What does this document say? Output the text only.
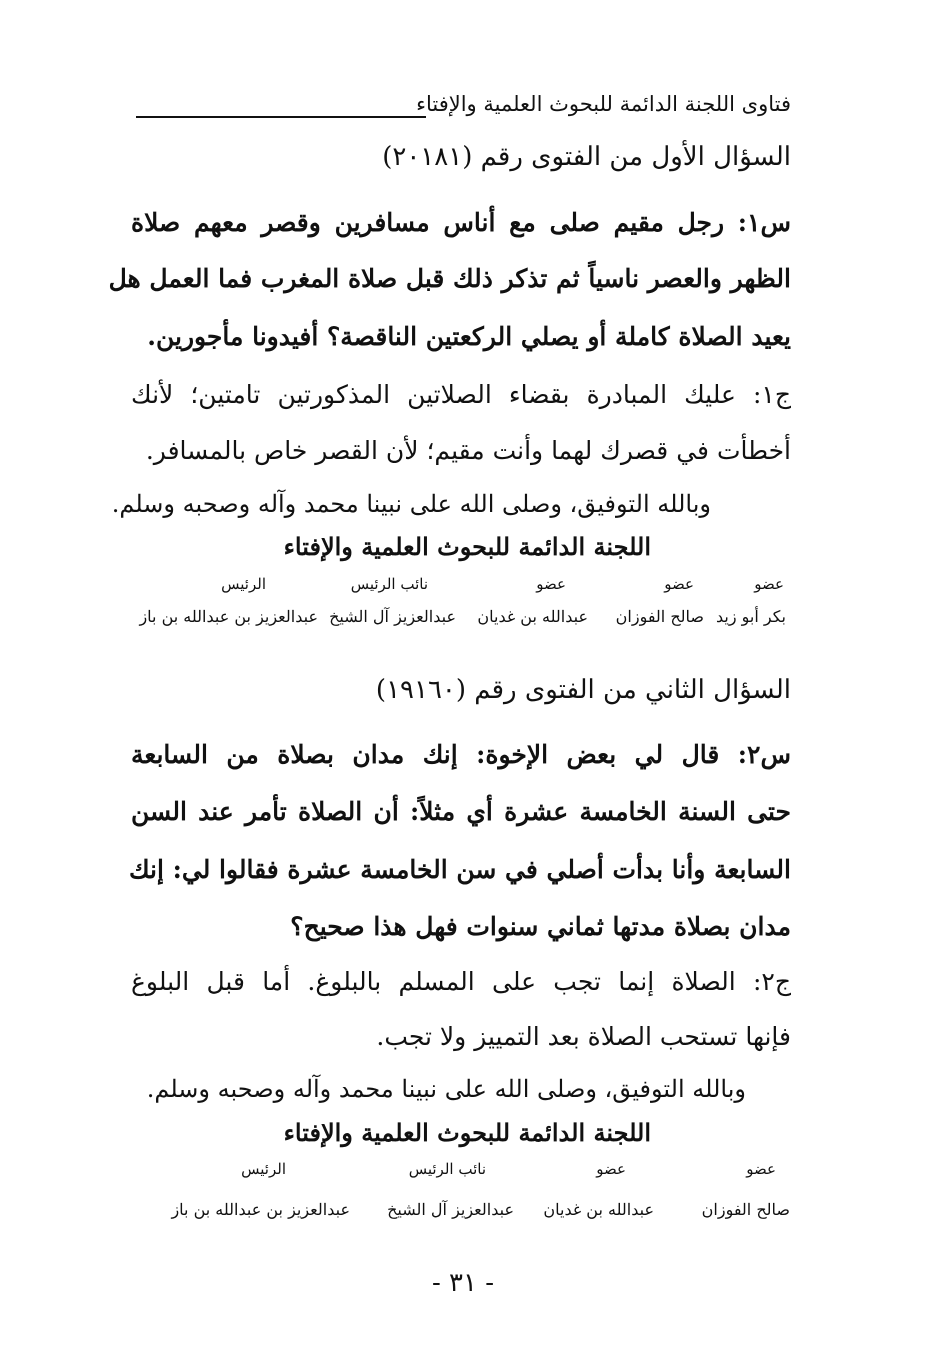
فتاوى اللجنة الدائمة للبحوث العلمية والإفتاء
السؤال الأول من الفتوى رقم (٢٠١٨١)
س١: رجل مقيم صلى مع أناس مسافرين وقصر معهم صلاة
الظهر والعصر ناسياً ثم تذكر ذلك قبل صلاة المغرب فما العمل هل
يعيد الصلاة كاملة أو يصلي الركعتين الناقصة؟ أفيدونا مأجورين.
ج١: عليك المبادرة بقضاء الصلاتين المذكورتين تامتين؛ لأنك
أخطأت في قصرك لهما وأنت مقيم؛ لأن القصر خاص بالمسافر.
وبالله التوفيق، وصلى الله على نبينا محمد وآله وصحبه وسلم.
اللجنة الدائمة للبحوث العلمية والإفتاء
عضو
عضو
عضو
نائب الرئيس
الرئيس
بكر أبو زيد
صالح الفوزان
عبدالله بن غديان
عبدالعزيز آل الشيخ
عبدالعزيز بن عبدالله بن باز
السؤال الثاني من الفتوى رقم (١٩١٦٠)
س٢: قال لي بعض الإخوة: إنك مدان بصلاة من السابعة
حتى السنة الخامسة عشرة أي مثلاً: أن الصلاة تأمر عند السن
السابعة وأنا بدأت أصلي في سن الخامسة عشرة فقالوا لي: إنك
مدان بصلاة مدتها ثماني سنوات فهل هذا صحيح؟
ج٢: الصلاة إنما تجب على المسلم بالبلوغ. أما قبل البلوغ
فإنها تستحب الصلاة بعد التمييز ولا تجب.
وبالله التوفيق، وصلى الله على نبينا محمد وآله وصحبه وسلم.
اللجنة الدائمة للبحوث العلمية والإفتاء
عضو
عضو
نائب الرئيس
الرئيس
صالح الفوزان
عبدالله بن غديان
عبدالعزيز آل الشيخ
عبدالعزيز بن عبدالله بن باز
- ٣١ -
